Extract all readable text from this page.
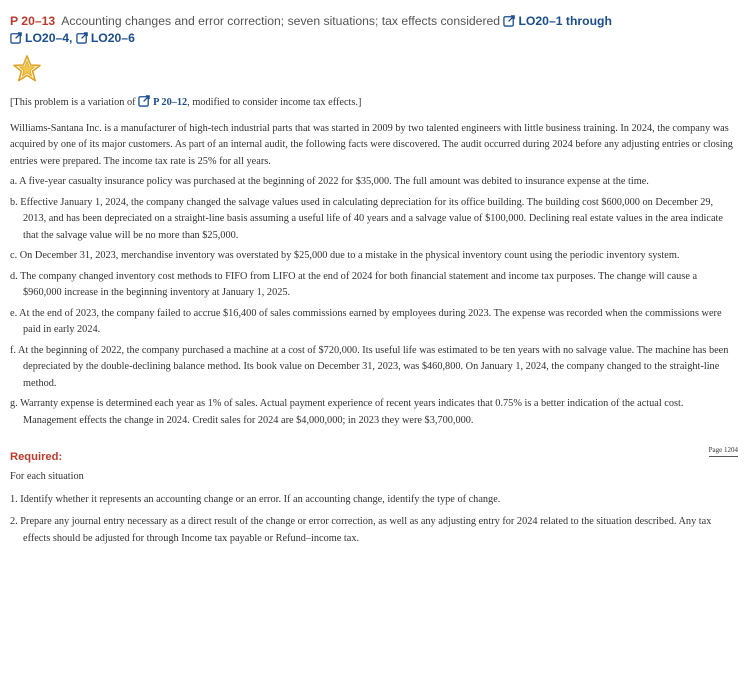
P 20–13 Accounting changes and error correction; seven situations; tax effects considered LO20–1 through
LO20–4, LO20–6

[This problem is a variation of P 20–12, modified to consider income tax effects.]

Williams-Santana Inc. is a manufacturer of high-tech industrial parts that was started in 2009 by two talented engineers with little business training. In 2024, the company was acquired by one of its major customers. As part of an internal audit, the following facts were discovered. The audit occurred during 2024 before any adjusting entries or closing entries were prepared. The income tax rate is 25% for all years.

a. A five-year casualty insurance policy was purchased at the beginning of 2022 for $35,000. The full amount was debited to insurance expense at the time.

b. Effective January 1, 2024, the company changed the salvage values used in calculating depreciation for its office building. The building cost $600,000 on December 29, 2013, and has been depreciated on a straight-line basis assuming a useful life of 40 years and a salvage value of $100,000. Declining real estate values in the area indicate that the salvage value will be no more than $25,000.

c. On December 31, 2023, merchandise inventory was overstated by $25,000 due to a mistake in the physical inventory count using the periodic inventory system.

d. The company changed inventory cost methods to FIFO from LIFO at the end of 2024 for both financial statement and income tax purposes. The change will cause a $960,000 increase in the beginning inventory at January 1, 2025.

e. At the end of 2023, the company failed to accrue $16,400 of sales commissions earned by employees during 2023. The expense was recorded when the commissions were paid in early 2024.

f. At the beginning of 2022, the company purchased a machine at a cost of $720,000. Its useful life was estimated to be ten years with no salvage value. The machine has been depreciated by the double-declining balance method. Its book value on December 31, 2023, was $460,800. On January 1, 2024, the company changed to the straight-line method.

g. Warranty expense is determined each year as 1% of sales. Actual payment experience of recent years indicates that 0.75% is a better indication of the actual cost. Management effects the change in 2024. Credit sales for 2024 are $4,000,000; in 2023 they were $3,700,000.

Required:
Page 1204

For each situation

1. Identify whether it represents an accounting change or an error. If an accounting change, identify the type of change.

2. Prepare any journal entry necessary as a direct result of the change or error correction, as well as any adjusting entry for 2024 related to the situation described. Any tax effects should be adjusted for through Income tax payable or Refund–income tax.
